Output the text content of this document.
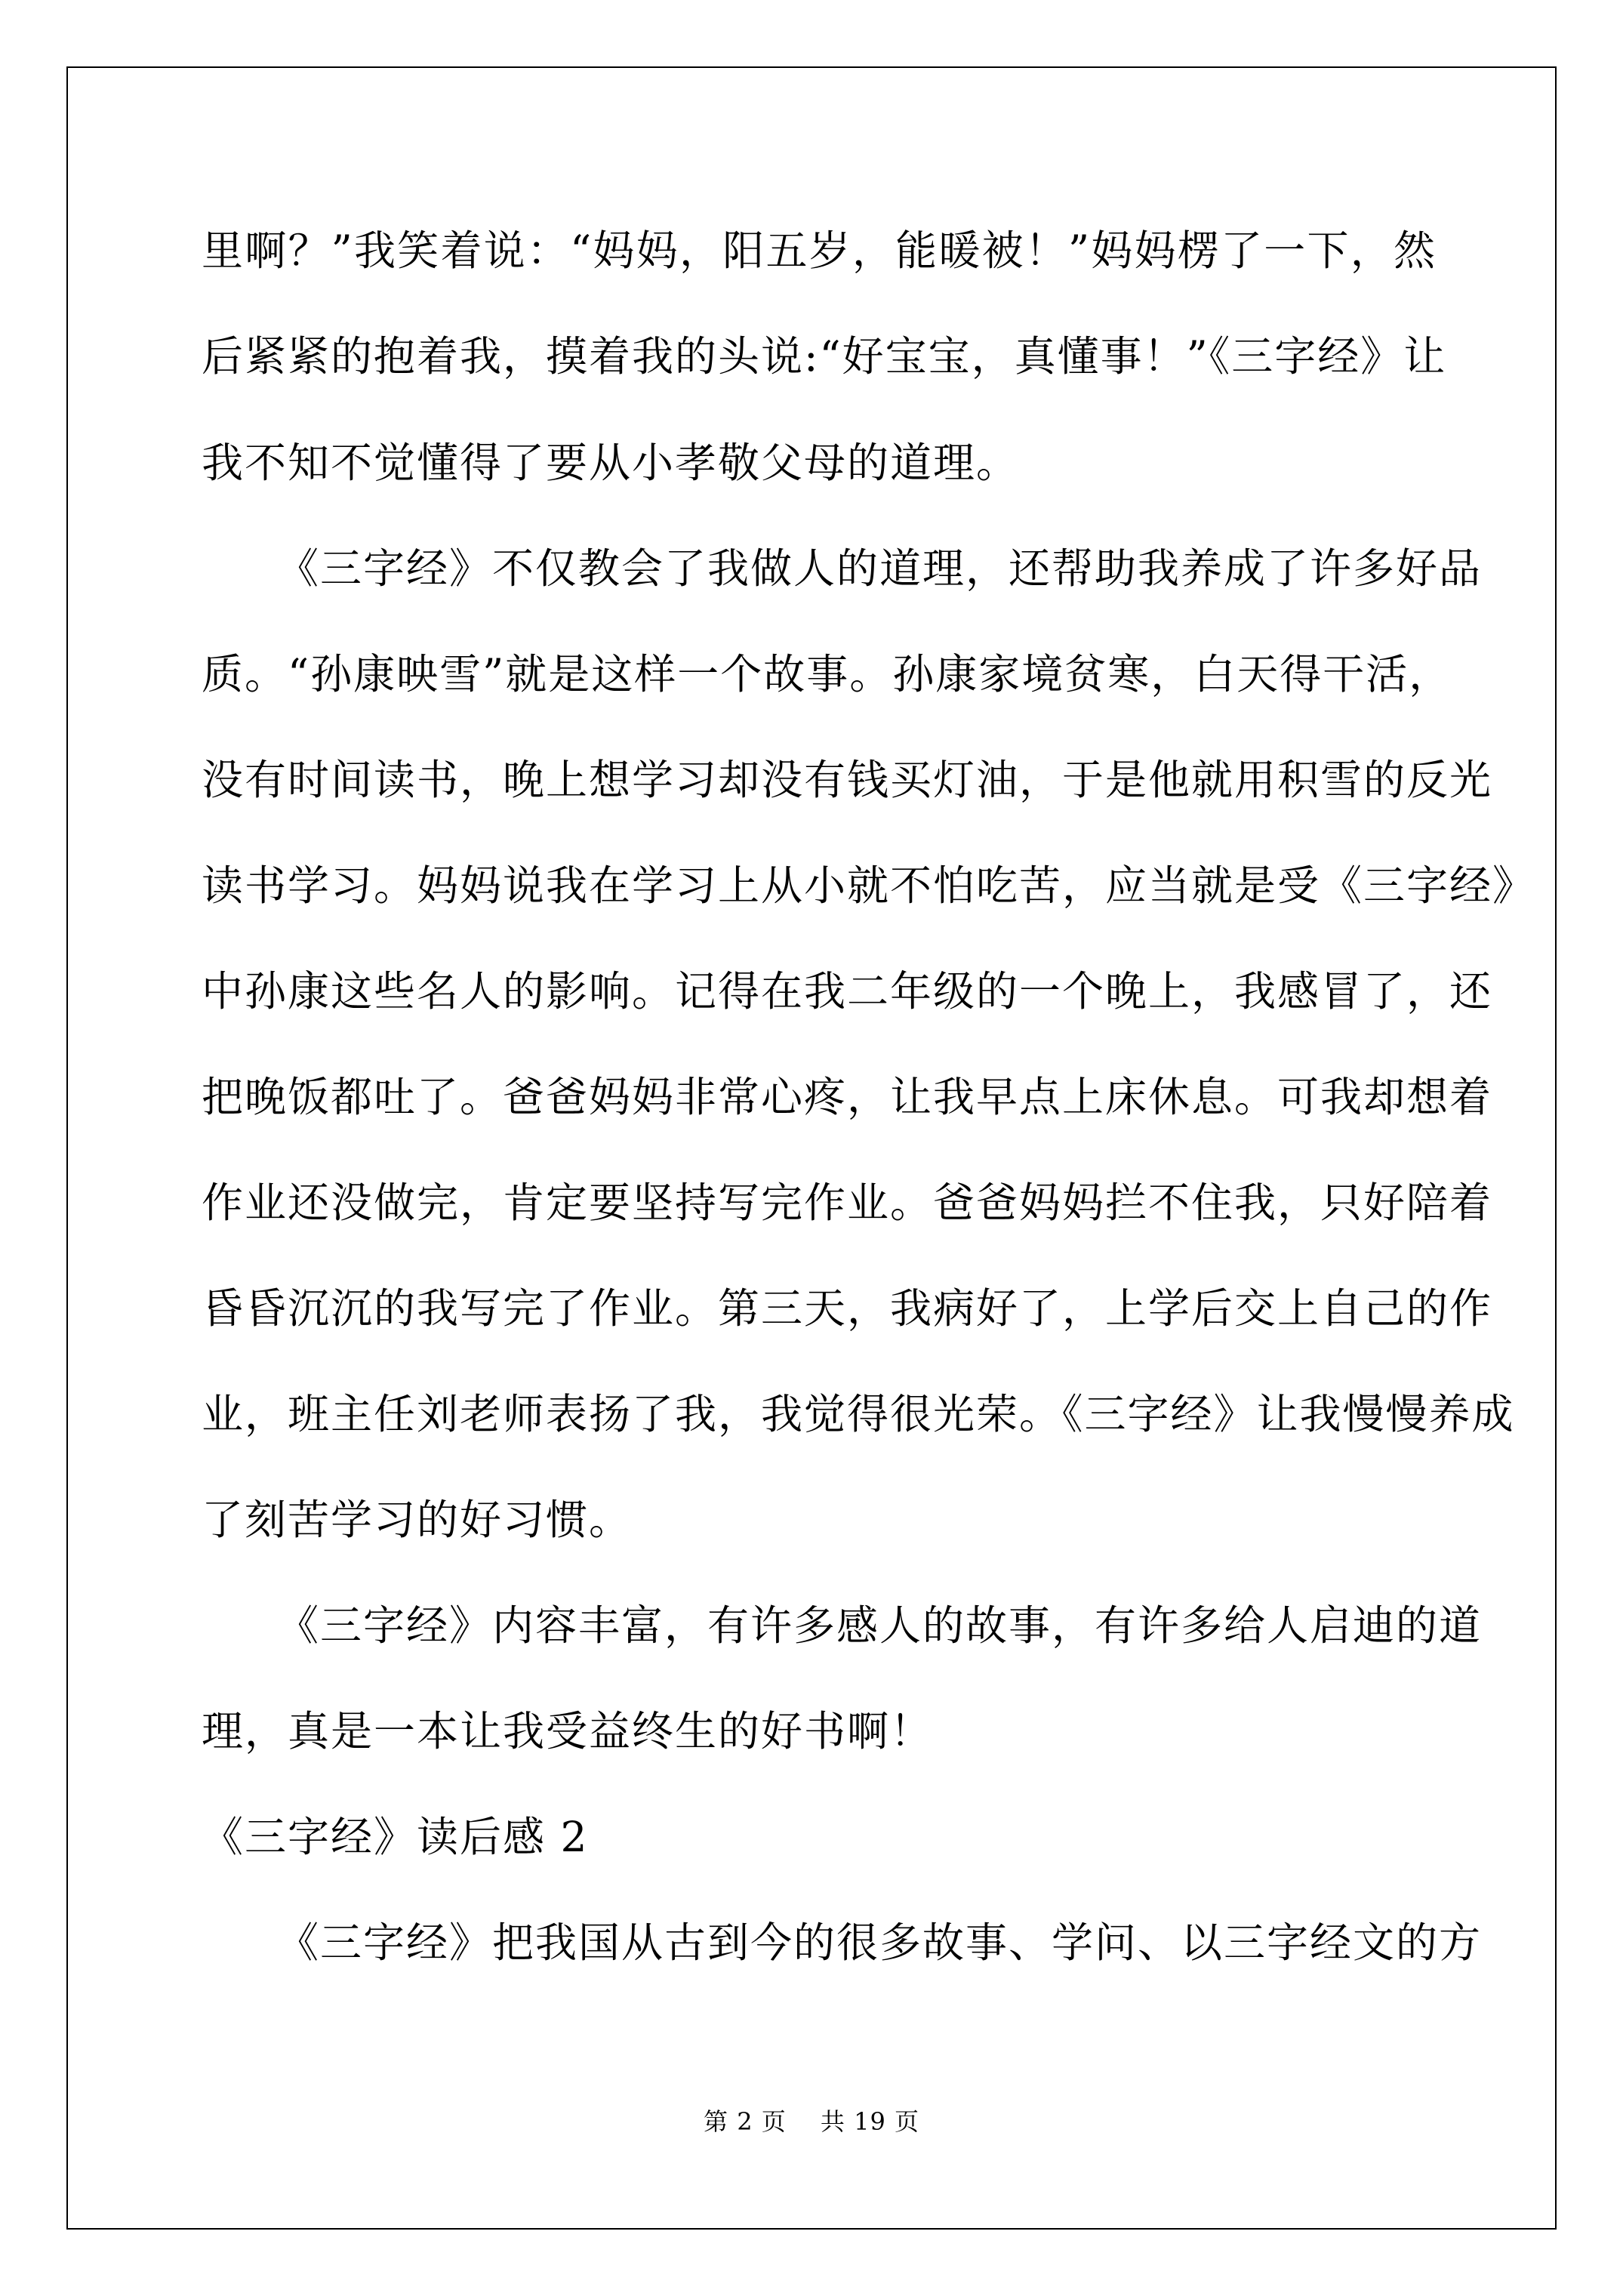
里啊？”我笑着说：“妈妈，阳五岁，能暖被！”妈妈楞了一下，然
后紧紧的抱着我，摸着我的头说:“好宝宝，真懂事！”《三字经》让
我不知不觉懂得了要从小孝敬父母的道理。
《三字经》不仅教会了我做人的道理，还帮助我养成了许多好品
质。“孙康映雪”就是这样一个故事。孙康家境贫寒，白天得干活，
没有时间读书，晚上想学习却没有钱买灯油，于是他就用积雪的反光
读书学习。妈妈说我在学习上从小就不怕吃苦，应当就是受《三字经》
中孙康这些名人的影响。记得在我二年级的一个晚上，我感冒了，还
把晚饭都吐了。爸爸妈妈非常心疼，让我早点上床休息。可我却想着
作业还没做完，肯定要坚持写完作业。爸爸妈妈拦不住我，只好陪着
昏昏沉沉的我写完了作业。第三天，我病好了，上学后交上自己的作
业，班主任刘老师表扬了我，我觉得很光荣。《三字经》让我慢慢养成
了刻苦学习的好习惯。
《三字经》内容丰富，有许多感人的故事，有许多给人启迪的道
理，真是一本让我受益终生的好书啊！
《三字经》读后感 2
《三字经》把我国从古到今的很多故事、学问、以三字经文的方
第 2 页 共 19 页
